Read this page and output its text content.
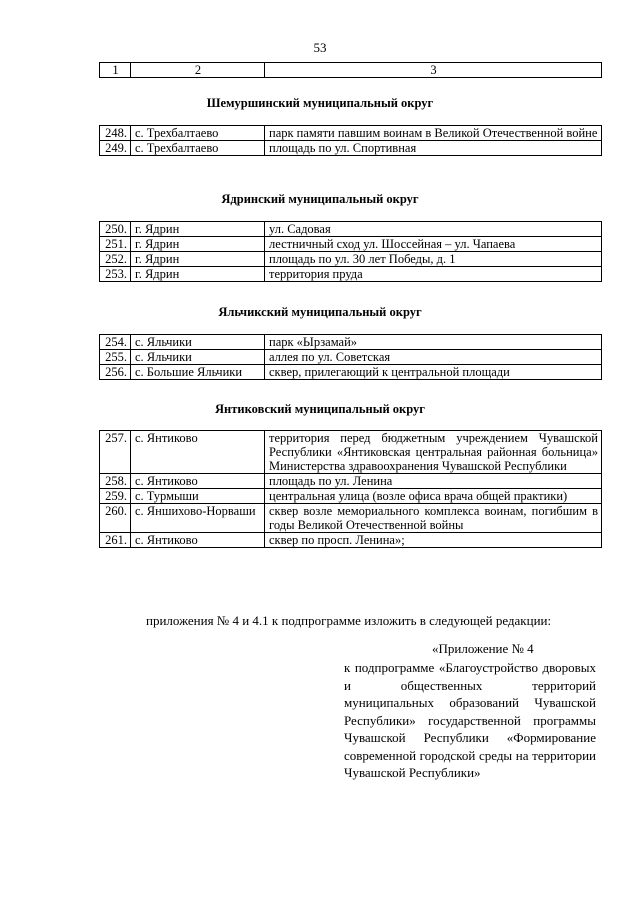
53
1	2	3
Шемуршинский муниципальный округ
248.	с. Трехбалтаево	парк памяти павшим воинам в Великой Отечественной войне
249.	с. Трехбалтаево	площадь по ул. Спортивная
Ядринский муниципальный округ
250.	г. Ядрин	ул. Садовая
251.	г. Ядрин	лестничный сход ул. Шоссейная – ул. Чапаева
252.	г. Ядрин	площадь по ул. 30 лет Победы, д. 1
253.	г. Ядрин	территория пруда
Яльчикский муниципальный округ
254.	с. Яльчики	парк «Ырзамай»
255.	с. Яльчики	аллея по ул. Советская
256.	с. Большие Яльчики	сквер, прилегающий к центральной площади
Янтиковский муниципальный округ
257.	с. Янтиково	территория перед бюджетным учреждением Чувашской Республики «Янтиковская центральная районная больница» Министерства здравоохранения Чувашской Республики
258.	с. Янтиково	площадь по ул. Ленина
259.	с. Турмыши	центральная улица (возле офиса врача общей практики)
260.	с. Яншихово-Норваши	сквер возле мемориального комплекса воинам, погибшим в годы Великой Отечественной войны
261.	с. Янтиково	сквер по просп. Ленина»;
приложения № 4 и 4.1 к подпрограмме изложить в следующей редакции:
«Приложение № 4
к подпрограмме «Благоустройство дворовых и общественных территорий муниципальных образований Чувашской Республики» государственной программы Чувашской Республики «Формирование современной городской среды на территории Чувашской Республики»
